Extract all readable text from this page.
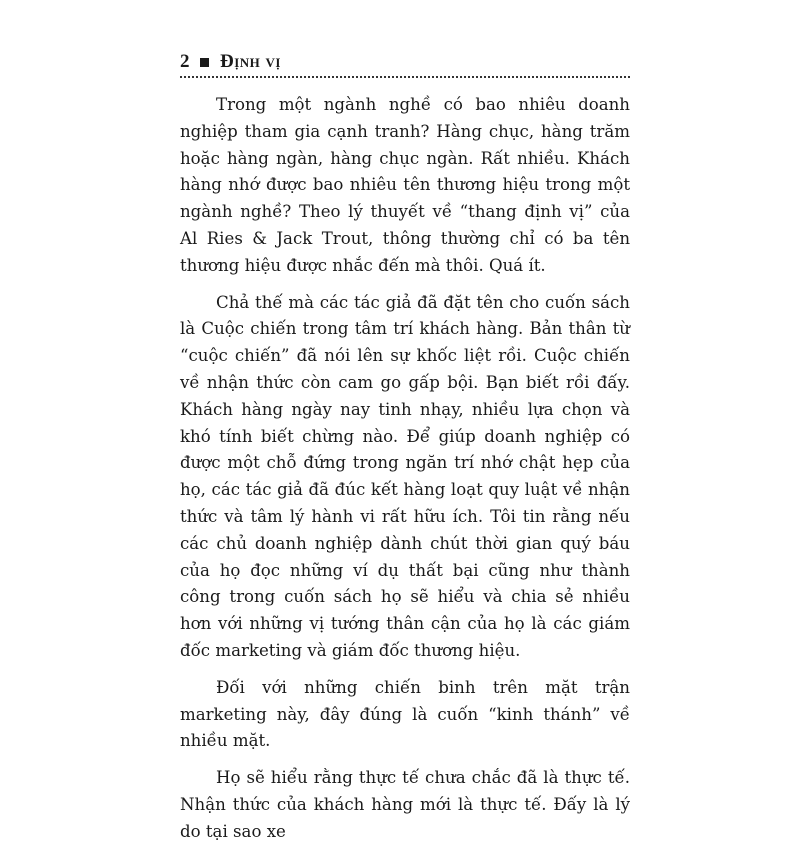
2 Định vị

Trong một ngành nghề có bao nhiêu doanh nghiệp tham gia cạnh tranh? Hàng chục, hàng trăm hoặc hàng ngàn, hàng chục ngàn. Rất nhiều. Khách hàng nhớ được bao nhiêu tên thương hiệu trong một ngành nghề? Theo lý thuyết về “thang định vị” của Al Ries & Jack Trout, thông thường chỉ có ba tên thương hiệu được nhắc đến mà thôi. Quá ít.

Chả thế mà các tác giả đã đặt tên cho cuốn sách là Cuộc chiến trong tâm trí khách hàng. Bản thân từ “cuộc chiến” đã nói lên sự khốc liệt rồi. Cuộc chiến về nhận thức còn cam go gấp bội. Bạn biết rồi đấy. Khách hàng ngày nay tinh nhạy, nhiều lựa chọn và khó tính biết chừng nào. Để giúp doanh nghiệp có được một chỗ đứng trong ngăn trí nhớ chật hẹp của họ, các tác giả đã đúc kết hàng loạt quy luật về nhận thức và tâm lý hành vi rất hữu ích. Tôi tin rằng nếu các chủ doanh nghiệp dành chút thời gian quý báu của họ đọc những ví dụ thất bại cũng như thành công trong cuốn sách họ sẽ hiểu và chia sẻ nhiều hơn với những vị tướng thân cận của họ là các giám đốc marketing và giám đốc thương hiệu.

Đối với những chiến binh trên mặt trận marketing này, đây đúng là cuốn “kinh thánh” về nhiều mặt.

Họ sẽ hiểu rằng thực tế chưa chắc đã là thực tế. Nhận thức của khách hàng mới là thực tế. Đấy là lý do tại sao xe
